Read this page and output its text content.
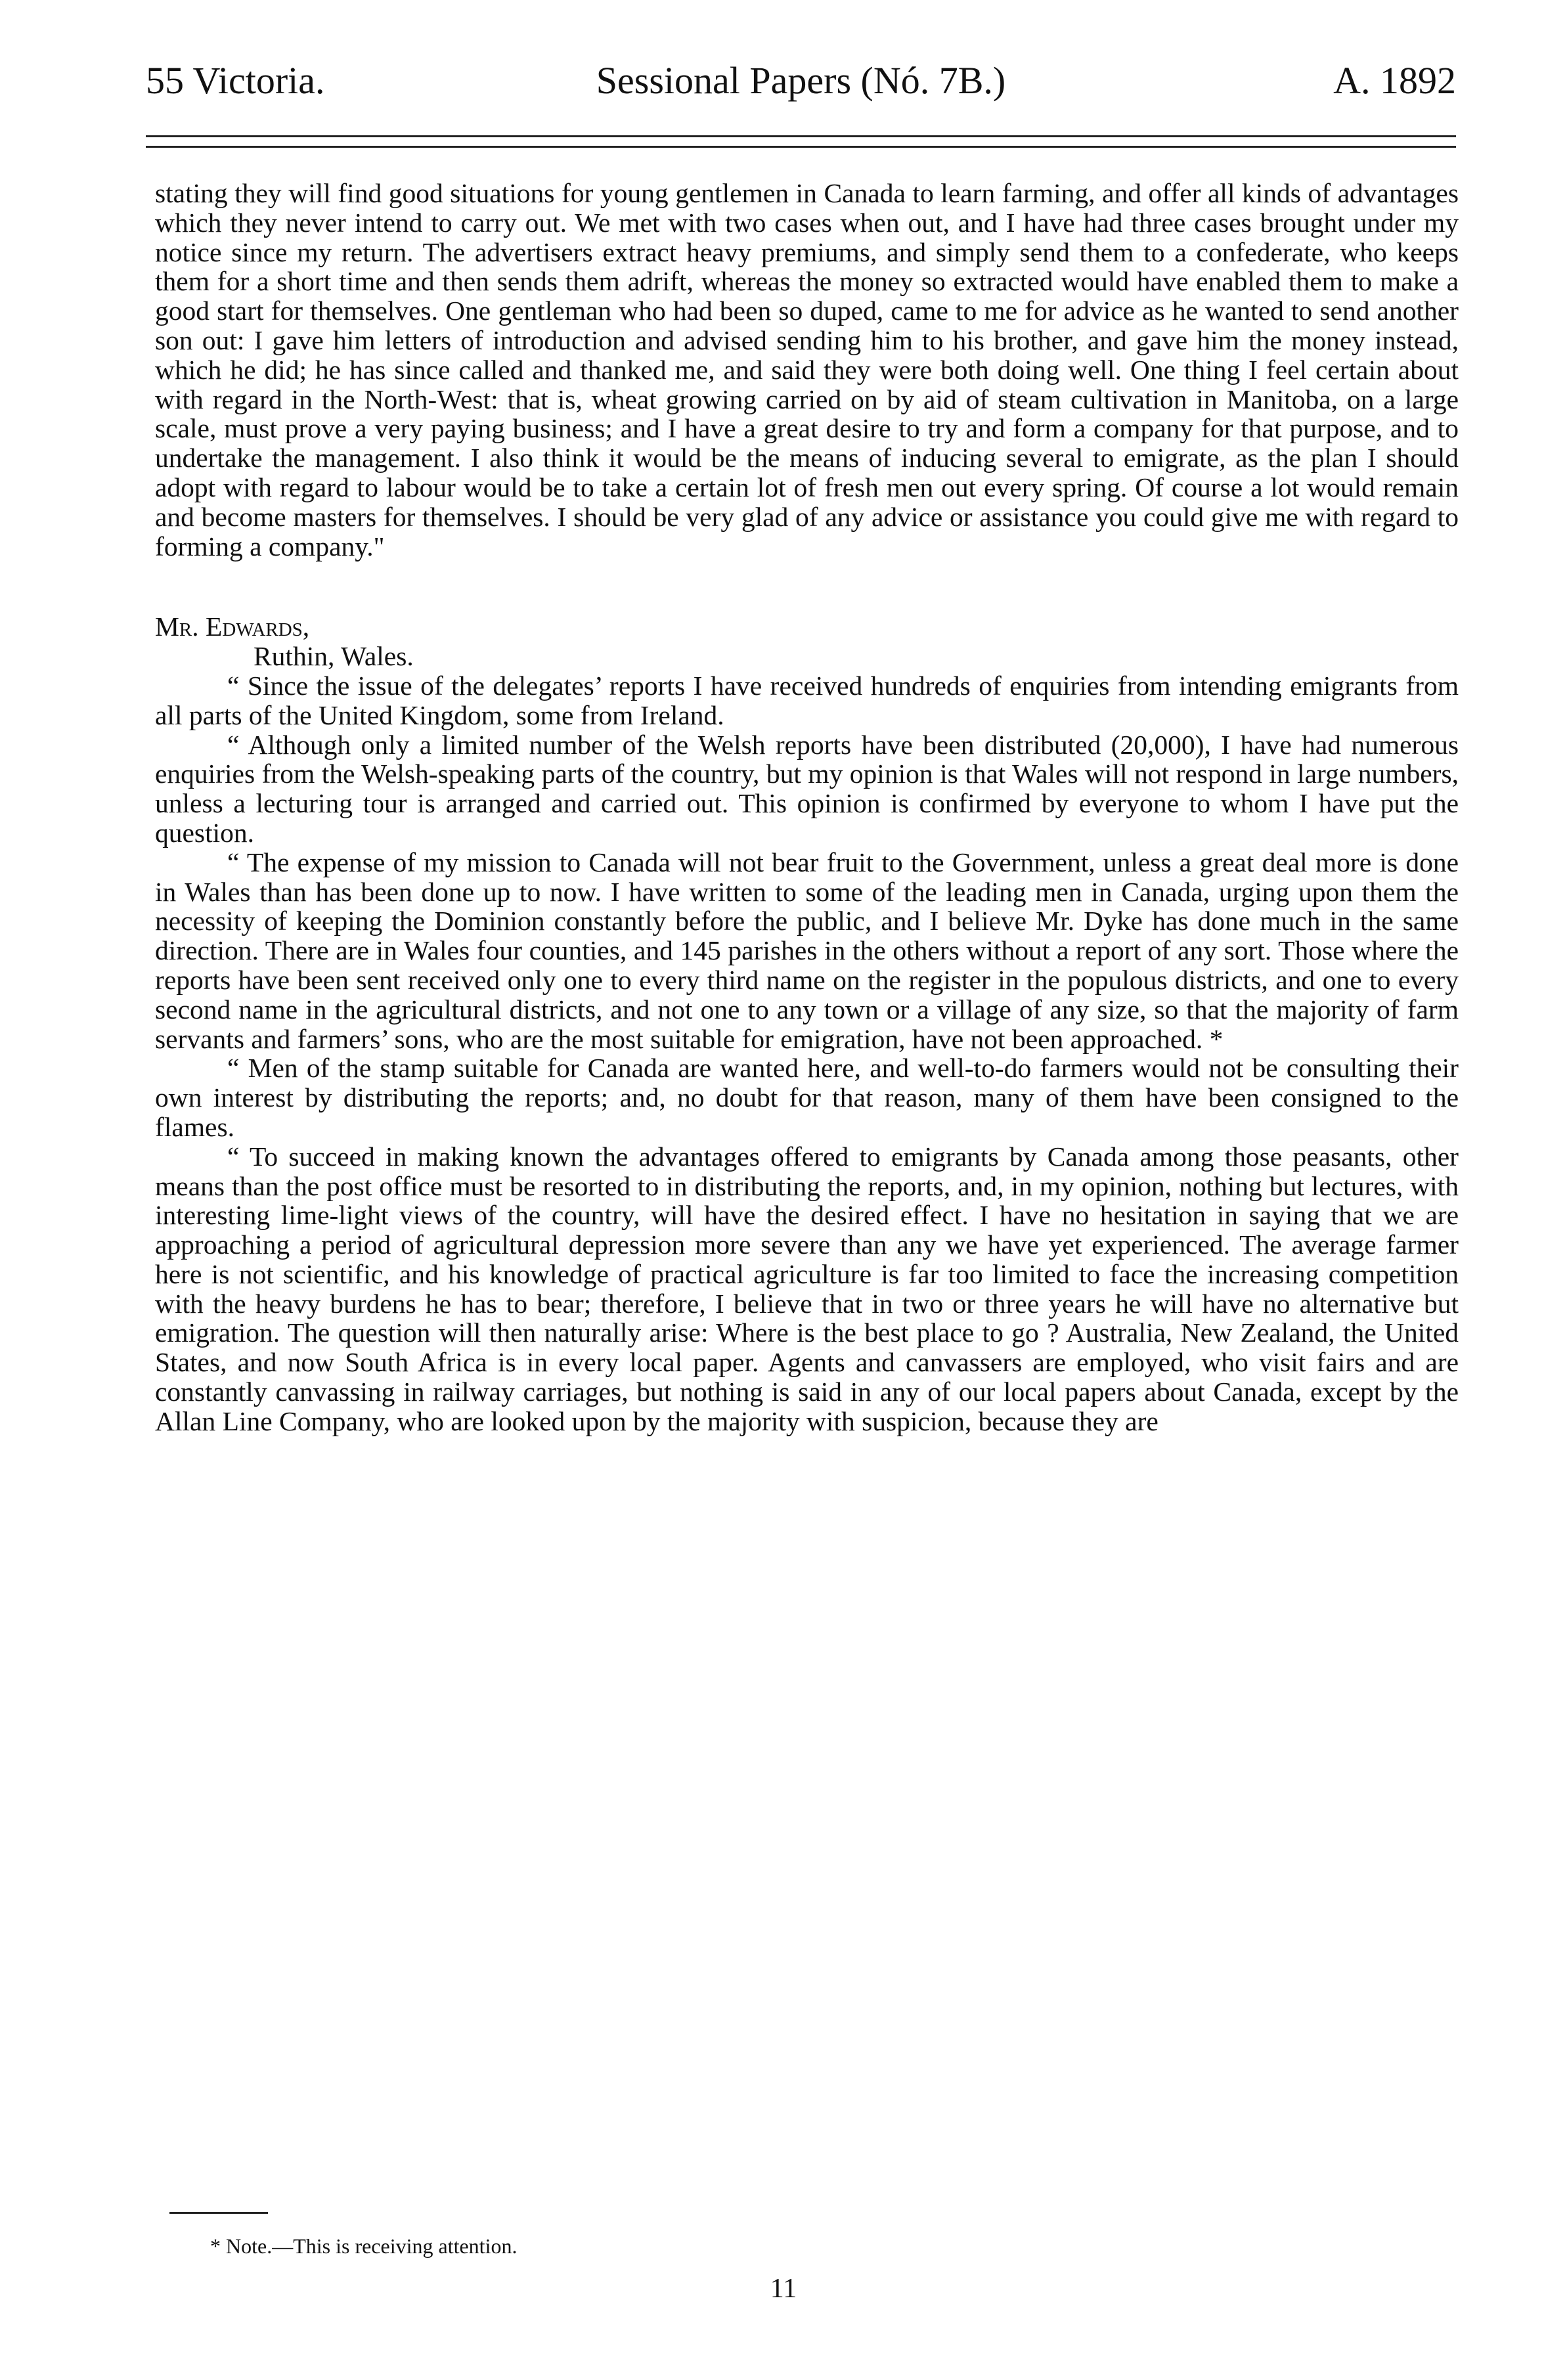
55 Victoria.	Sessional Papers (Nó. 7B.)	A. 1892

stating they will find good situations for young gentlemen in Canada to learn farming, and offer all kinds of advantages which they never intend to carry out. We met with two cases when out, and I have had three cases brought under my notice since my return. The advertisers extract heavy premiums, and simply send them to a confederate, who keeps them for a short time and then sends them adrift, whereas the money so extracted would have enabled them to make a good start for themselves. One gentleman who had been so duped, came to me for advice as he wanted to send another son out: I gave him letters of introduction and advised sending him to his brother, and gave him the money instead, which he did; he has since called and thanked me, and said they were both doing well. One thing I feel certain about with regard in the North-West: that is, wheat growing carried on by aid of steam cultivation in Manitoba, on a large scale, must prove a very paying business; and I have a great desire to try and form a company for that purpose, and to undertake the management. I also think it would be the means of inducing several to emigrate, as the plan I should adopt with regard to labour would be to take a certain lot of fresh men out every spring. Of course a lot would remain and become masters for themselves. I should be very glad of any advice or assistance you could give me with regard to forming a company."

Mr. Edwards,

Ruthin, Wales.

“ Since the issue of the delegates’ reports I have received hundreds of enquiries from intending emigrants from all parts of the United Kingdom, some from Ireland.

“ Although only a limited number of the Welsh reports have been distributed (20,000), I have had numerous enquiries from the Welsh-speaking parts of the country, but my opinion is that Wales will not respond in large numbers, unless a lecturing tour is arranged and carried out. This opinion is confirmed by everyone to whom I have put the question.

“ The expense of my mission to Canada will not bear fruit to the Government, unless a great deal more is done in Wales than has been done up to now. I have written to some of the leading men in Canada, urging upon them the necessity of keeping the Dominion constantly before the public, and I believe Mr. Dyke has done much in the same direction. There are in Wales four counties, and 145 parishes in the others without a report of any sort. Those where the reports have been sent received only one to every third name on the register in the populous districts, and one to every second name in the agricultural districts, and not one to any town or a village of any size, so that the majority of farm servants and farmers’ sons, who are the most suitable for emigration, have not been approached. *

“ Men of the stamp suitable for Canada are wanted here, and well-to-do farmers would not be consulting their own interest by distributing the reports; and, no doubt for that reason, many of them have been consigned to the flames.

“ To succeed in making known the advantages offered to emigrants by Canada among those peasants, other means than the post office must be resorted to in distributing the reports, and, in my opinion, nothing but lectures, with interesting lime-light views of the country, will have the desired effect. I have no hesitation in saying that we are approaching a period of agricultural depression more severe than any we have yet experienced. The average farmer here is not scientific, and his knowledge of practical agriculture is far too limited to face the increasing competition with the heavy burdens he has to bear; therefore, I believe that in two or three years he will have no alternative but emigration. The question will then naturally arise: Where is the best place to go ? Australia, New Zealand, the United States, and now South Africa is in every local paper. Agents and canvassers are employed, who visit fairs and are constantly canvassing in railway carriages, but nothing is said in any of our local papers about Canada, except by the Allan Line Company, who are looked upon by the majority with suspicion, because they are

* Note.—This is receiving attention.
11
